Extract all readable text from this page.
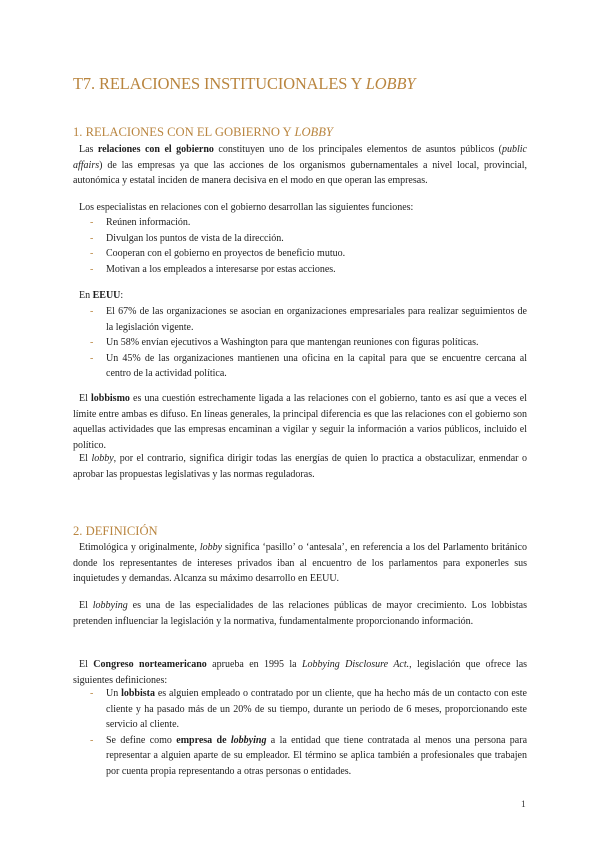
T7. RELACIONES INSTITUCIONALES Y LOBBY
1. RELACIONES CON EL GOBIERNO Y LOBBY

Las relaciones con el gobierno constituyen uno de los principales elementos de asuntos públicos (public affairs) de las empresas ya que las acciones de los organismos gubernamentales a nivel local, provincial, autonómica y estatal inciden de manera decisiva en el modo en que operan las empresas.

Los especialistas en relaciones con el gobierno desarrollan las siguientes funciones:

- Reúnen información.
- Divulgan los puntos de vista de la dirección.
- Cooperan con el gobierno en proyectos de beneficio mutuo.
- Motivan a los empleados a interesarse por estas acciones.

En EEUU:

- El 67% de las organizaciones se asocian en organizaciones empresariales para realizar seguimientos de la legislación vigente.
- Un 58% envían ejecutivos a Washington para que mantengan reuniones con figuras políticas.
- Un 45% de las organizaciones mantienen una oficina en la capital para que se encuentre cercana al centro de la actividad política.

El lobbismo es una cuestión estrechamente ligada a las relaciones con el gobierno, tanto es así que a veces el límite entre ambas es difuso. En líneas generales, la principal diferencia es que las relaciones con el gobierno son aquellas actividades que las empresas encaminan a vigilar y seguir la información a varios públicos, incluido el político.

El lobby, por el contrario, significa dirigir todas las energías de quien lo practica a obstaculizar, enmendar o aprobar las propuestas legislativas y las normas reguladoras.

2. DEFINICIÓN

Etimológica y originalmente, lobby significa ‘pasillo’ o ‘antesala’, en referencia a los del Parlamento británico donde los representantes de intereses privados iban al encuentro de los parlamentos para exponerles sus inquietudes y demandas. Alcanza su máximo desarrollo en EEUU.

El lobbying es una de las especialidades de las relaciones públicas de mayor crecimiento. Los lobbistas pretenden influenciar la legislación y la normativa, fundamentalmente proporcionando información.

El Congreso norteamericano aprueba en 1995 la Lobbying Disclosure Act., legislación que ofrece las siguientes definiciones:

- Un lobbista es alguien empleado o contratado por un cliente, que ha hecho más de un contacto con este cliente y ha pasado más de un 20% de su tiempo, durante un periodo de 6 meses, proporcionando este servicio al cliente.
- Se define como empresa de lobbying a la entidad que tiene contratada al menos una persona para representar a alguien aparte de su empleador. El término se aplica también a profesionales que trabajen por cuenta propia representando a otras personas o entidades.
1
